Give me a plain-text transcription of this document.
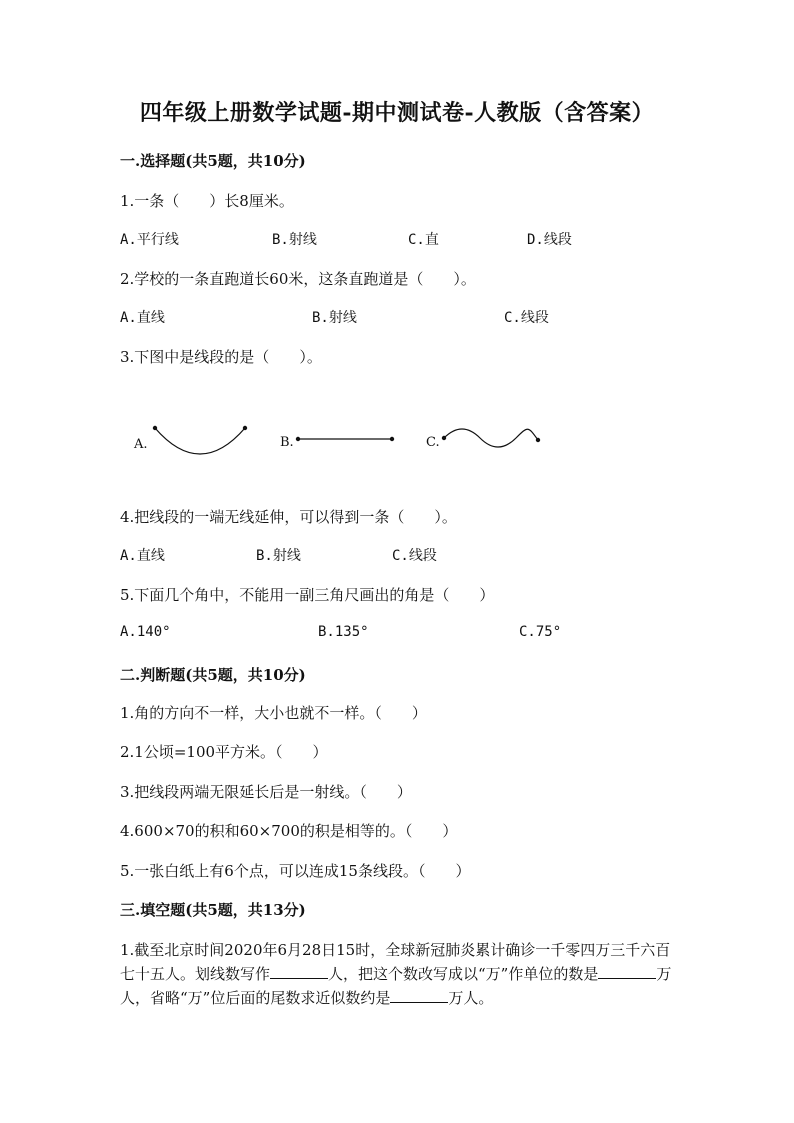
四年级上册数学试题-期中测试卷-人教版（含答案）
一.选择题(共5题，共10分)
1.一条（　　）长8厘米。
A.平行线	B.射线	C.直	D.线段
2.学校的一条直跑道长60米，这条直跑道是（　　）。
A.直线	B.射线	C.线段
3.下图中是线段的是（　　）。
A.	B.	C.
4.把线段的一端无线延伸，可以得到一条（　　）。
A.直线	B.射线	C.线段
5.下面几个角中，不能用一副三角尺画出的角是（　　）
A.140°	B.135°	C.75°
二.判断题(共5题，共10分)
1.角的方向不一样，大小也就不一样。（　　）
2.1公顷=100平方米。（　　）
3.把线段两端无限延长后是一射线。（　　）
4.600×70的积和60×700的积是相等的。（　　）
5.一张白纸上有6个点，可以连成15条线段。（　　）
三.填空题(共5题，共13分)
1.截至北京时间2020年6月28日15时，全球新冠肺炎累计确诊一千零四万三千六百七十五人。划线数写作	人，把这个数改写成以“万”作单位的数是	万人，省略“万”位后面的尾数求近似数约是	万人。
